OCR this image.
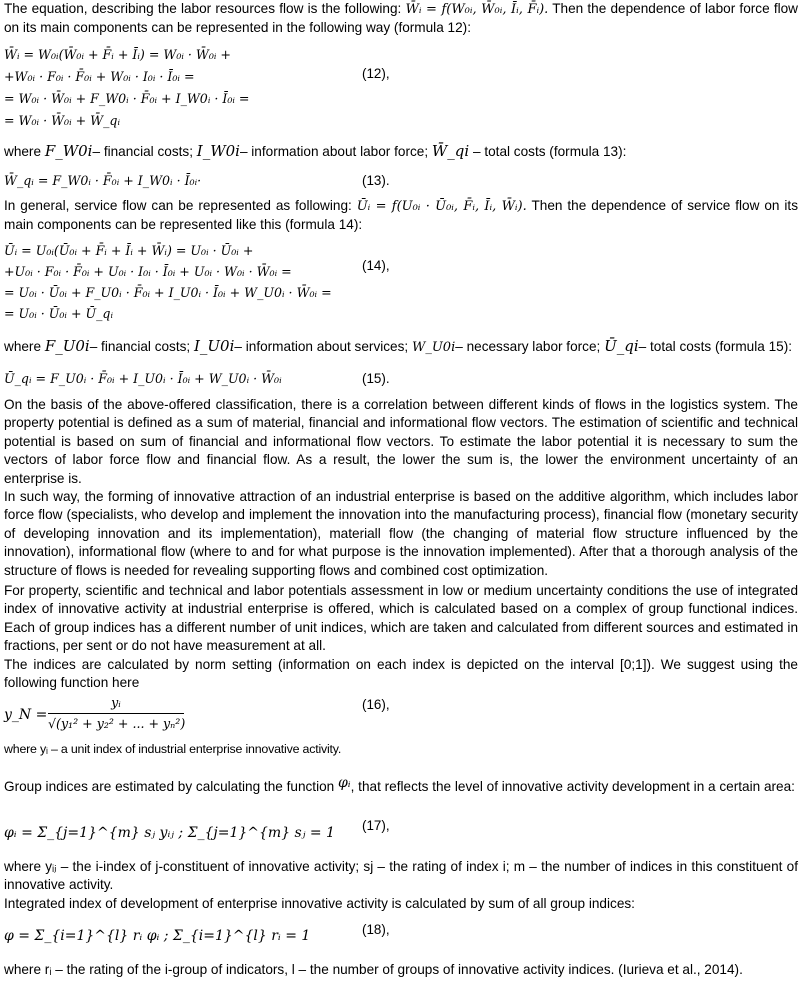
The equation, describing the labor resources flow is the following: W̄ᵢ = f(W₀ᵢ, W̄₀ᵢ, Īᵢ, F̄ᵢ). Then the dependence of labor force flow on its main components can be represented in the following way (formula 12):

W̄ᵢ = W₀ᵢ(W̄₀ᵢ + F̄ᵢ + Īᵢ) = W₀ᵢ · W̄₀ᵢ +
+W₀ᵢ · F₀ᵢ · F̄₀ᵢ + W₀ᵢ · I₀ᵢ · Ī₀ᵢ =
= W₀ᵢ · W̄₀ᵢ + F_W0ᵢ · F̄₀ᵢ + I_W0ᵢ · Ī₀ᵢ =
= W₀ᵢ · W̄₀ᵢ + W̄_qᵢ
(12),

where F_W0i– financial costs; I_W0i– information about labor force; W̄_qi – total costs (formula 13):

W̄_qᵢ = F_W0ᵢ · F̄₀ᵢ + I_W0ᵢ · Ī₀ᵢ·	(13).

In general, service flow can be represented as following: Ūᵢ = f(U₀ᵢ · Ū₀ᵢ, F̄ᵢ, Īᵢ, W̄ᵢ). Then the dependence of service flow on its main components can be represented like this (formula 14):

Ūᵢ = U₀ᵢ(Ū₀ᵢ + F̄ᵢ + Īᵢ + W̄ᵢ) = U₀ᵢ · Ū₀ᵢ +
+U₀ᵢ · F₀ᵢ · F̄₀ᵢ + U₀ᵢ · I₀ᵢ · Ī₀ᵢ + U₀ᵢ · W₀ᵢ · W̄₀ᵢ =
= U₀ᵢ · Ū₀ᵢ + F_U0ᵢ · F̄₀ᵢ + I_U0ᵢ · Ī₀ᵢ + W_U0ᵢ · W̄₀ᵢ =
= U₀ᵢ · Ū₀ᵢ + Ū_qᵢ
(14),

where F_U0i– financial costs; I_U0i– information about services; W_U0i– necessary labor force; Ū_qi– total costs (formula 15):

Ū_qᵢ = F_U0ᵢ · F̄₀ᵢ + I_U0ᵢ · Ī₀ᵢ + W_U0ᵢ · W̄₀ᵢ	(15).

On the basis of the above-offered classification, there is a correlation between different kinds of flows in the logistics system. The property potential is defined as a sum of material, financial and informational flow vectors. The estimation of scientific and technical potential is based on sum of financial and informational flow vectors. To estimate the labor potential it is necessary to sum the vectors of labor force flow and financial flow. As a result, the lower the sum is, the lower the environment uncertainty of an enterprise is.

In such way, the forming of innovative attraction of an industrial enterprise is based on the additive algorithm, which includes labor force flow (specialists, who develop and implement the innovation into the manufacturing process), financial flow (monetary security of developing innovation and its implementation), materiall flow (the changing of material flow structure influenced by the innovation), informational flow (where to and for what purpose is the innovation implemented). After that a thorough analysis of the structure of flows is needed for revealing supporting flows and combined cost optimization.

For property, scientific and technical and labor potentials assessment in low or medium uncertainty conditions the use of integrated index of innovative activity at industrial enterprise is offered, which is calculated based on a complex of group functional indices. Each of group indices has a different number of unit indices, which are taken and calculated from different sources and estimated in fractions, per sent or do not have measurement at all.

The indices are calculated by norm setting (information on each index is depicted on the interval [0;1]). We suggest using the following function here

y_N =
yᵢ
√(y₁² + y₂² + ... + yₙ²)
(16),

where yᵢ – a unit index of industrial enterprise innovative activity.

Group indices are estimated by calculating the function φᵢ, that reflects the level of innovative activity development in a certain area:

φᵢ = Σ_{j=1}^{m} sⱼ yᵢⱼ ; Σ_{j=1}^{m} sⱼ = 1	(17),

where yᵢⱼ – the i-index of j-constituent of innovative activity; sj – the rating of index i; m – the number of indices in this constituent of innovative activity.

Integrated index of development of enterprise innovative activity is calculated by sum of all group indices:

φ = Σ_{i=1}^{l} rᵢ φᵢ ; Σ_{i=1}^{l} rᵢ = 1	(18),

where rᵢ – the rating of the i-group of indicators, l – the number of groups of innovative activity indices. (Iurieva et al., 2014).
